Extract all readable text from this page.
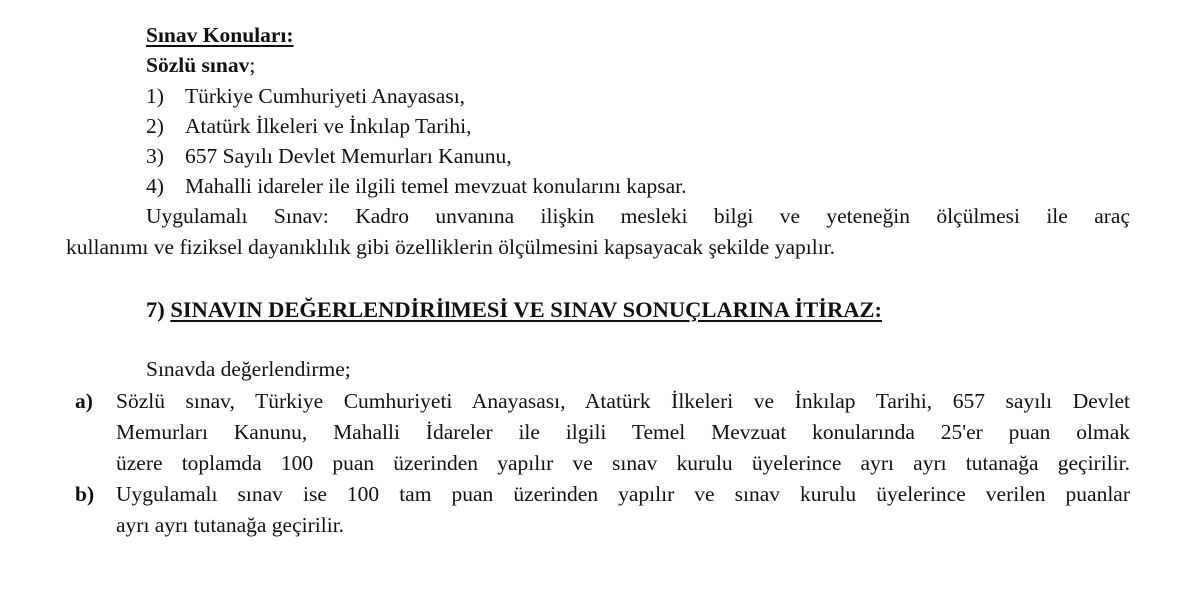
Sınav Konuları:
Sözlü sınav;
1) Türkiye Cumhuriyeti Anayasası,
2) Atatürk İlkeleri ve İnkılap Tarihi,
3) 657 Sayılı Devlet Memurları Kanunu,
4) Mahalli idareler ile ilgili temel mevzuat konularını kapsar.
Uygulamalı Sınav: Kadro unvanına ilişkin mesleki bilgi ve yeteneğin ölçülmesi ile araç
kullanımı ve fiziksel dayanıklılık gibi özelliklerin ölçülmesini kapsayacak şekilde yapılır.
7) SINAVIN DEĞERLENDİRİlMESİ VE SINAV SONUÇLARINA İTİRAZ:
Sınavda değerlendirme;
a) Sözlü sınav, Türkiye Cumhuriyeti Anayasası, Atatürk İlkeleri ve İnkılap Tarihi, 657 sayılı Devlet
Memurları Kanunu, Mahalli İdareler ile ilgili Temel Mevzuat konularında 25'er puan olmak
üzere toplamda 100 puan üzerinden yapılır ve sınav kurulu üyelerince ayrı ayrı tutanağa geçirilir.
b) Uygulamalı sınav ise 100 tam puan üzerinden yapılır ve sınav kurulu üyelerince verilen puanlar
ayrı ayrı tutanağa geçirilir.
